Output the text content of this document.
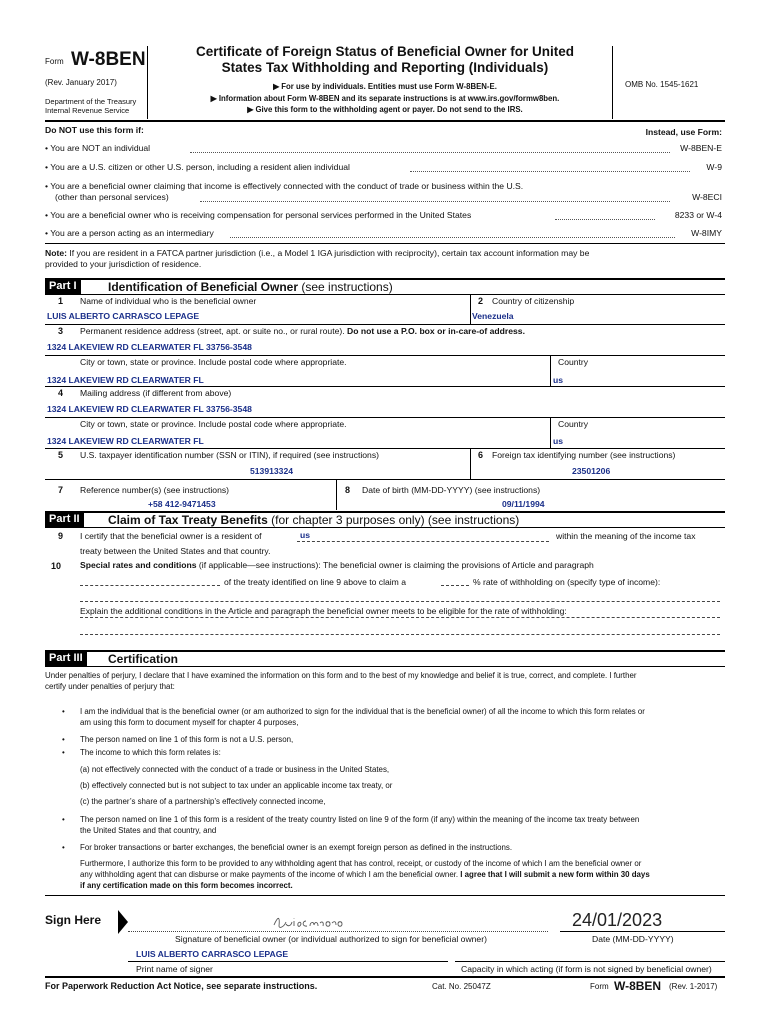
Form W-8BEN
(Rev. January 2017)
Department of the Treasury
Internal Revenue Service
Certificate of Foreign Status of Beneficial Owner for United
States Tax Withholding and Reporting (Individuals)
▶ For use by individuals. Entities must use Form W-8BEN-E.
▶ Information about Form W-8BEN and its separate instructions is at www.irs.gov/formw8ben.
▶ Give this form to the withholding agent or payer. Do not send to the IRS.
OMB No. 1545-1621
Do NOT use this form if:	Instead, use Form:
• You are NOT an individual	W-8BEN-E
• You are a U.S. citizen or other U.S. person, including a resident alien individual	W-9
• You are a beneficial owner claiming that income is effectively connected with the conduct of trade or business within the U.S.
(other than personal services)	W-8ECI
• You are a beneficial owner who is receiving compensation for personal services performed in the United States	8233 or W-4
• You are a person acting as an intermediary	W-8IMY
Note: If you are resident in a FATCA partner jurisdiction (i.e., a Model 1 IGA jurisdiction with reciprocity), certain tax account information may be
provided to your jurisdiction of residence.
Part I	Identification of Beneficial Owner (see instructions)
1 Name of individual who is the beneficial owner
LUIS ALBERTO CARRASCO LEPAGE
2 Country of citizenship
Venezuela
3 Permanent residence address (street, apt. or suite no., or rural route). Do not use a P.O. box or in-care-of address.
1324 LAKEVIEW RD CLEARWATER FL 33756-3548
City or town, state or province. Include postal code where appropriate.
1324 LAKEVIEW RD CLEARWATER FL
Country
us
4 Mailing address (if different from above)
1324 LAKEVIEW RD CLEARWATER FL 33756-3548
City or town, state or province. Include postal code where appropriate.
1324 LAKEVIEW RD CLEARWATER FL
Country
us
5 U.S. taxpayer identification number (SSN or ITIN), if required (see instructions)
513913324
6 Foreign tax identifying number (see instructions)
23501206
7 Reference number(s) (see instructions)
+58 412-9471453
8 Date of birth (MM-DD-YYYY) (see instructions)
09/11/1994
Part II	Claim of Tax Treaty Benefits (for chapter 3 purposes only) (see instructions)
9 I certify that the beneficial owner is a resident of	us	within the meaning of the income tax
treaty between the United States and that country.
10 Special rates and conditions (if applicable—see instructions): The beneficial owner is claiming the provisions of Article and paragraph
of the treaty identified on line 9 above to claim a	% rate of withholding on (specify type of income):
Explain the additional conditions in the Article and paragraph the beneficial owner meets to be eligible for the rate of withholding:
Part III	Certification
Under penalties of perjury, I declare that I have examined the information on this form and to the best of my knowledge and belief it is true, correct, and complete. I further
certify under penalties of perjury that:
• I am the individual that is the beneficial owner (or am authorized to sign for the individual that is the beneficial owner) of all the income to which this form relates or
am using this form to document myself for chapter 4 purposes,
• The person named on line 1 of this form is not a U.S. person,
• The income to which this form relates is:
(a) not effectively connected with the conduct of a trade or business in the United States,
(b) effectively connected but is not subject to tax under an applicable income tax treaty, or
(c) the partner’s share of a partnership’s effectively connected income,
• The person named on line 1 of this form is a resident of the treaty country listed on line 9 of the form (if any) within the meaning of the income tax treaty between
the United States and that country, and
• For broker transactions or barter exchanges, the beneficial owner is an exempt foreign person as defined in the instructions.
Furthermore, I authorize this form to be provided to any withholding agent that has control, receipt, or custody of the income of which I am the beneficial owner or
any withholding agent that can disburse or make payments of the income of which I am the beneficial owner. I agree that I will submit a new form within 30 days
if any certification made on this form becomes incorrect.
Sign Here	24/01/2023
Signature of beneficial owner (or individual authorized to sign for beneficial owner)	Date (MM-DD-YYYY)
LUIS ALBERTO CARRASCO LEPAGE
Print name of signer	Capacity in which acting (if form is not signed by beneficial owner)
For Paperwork Reduction Act Notice, see separate instructions.	Cat. No. 25047Z	Form W-8BEN (Rev. 1-2017)
